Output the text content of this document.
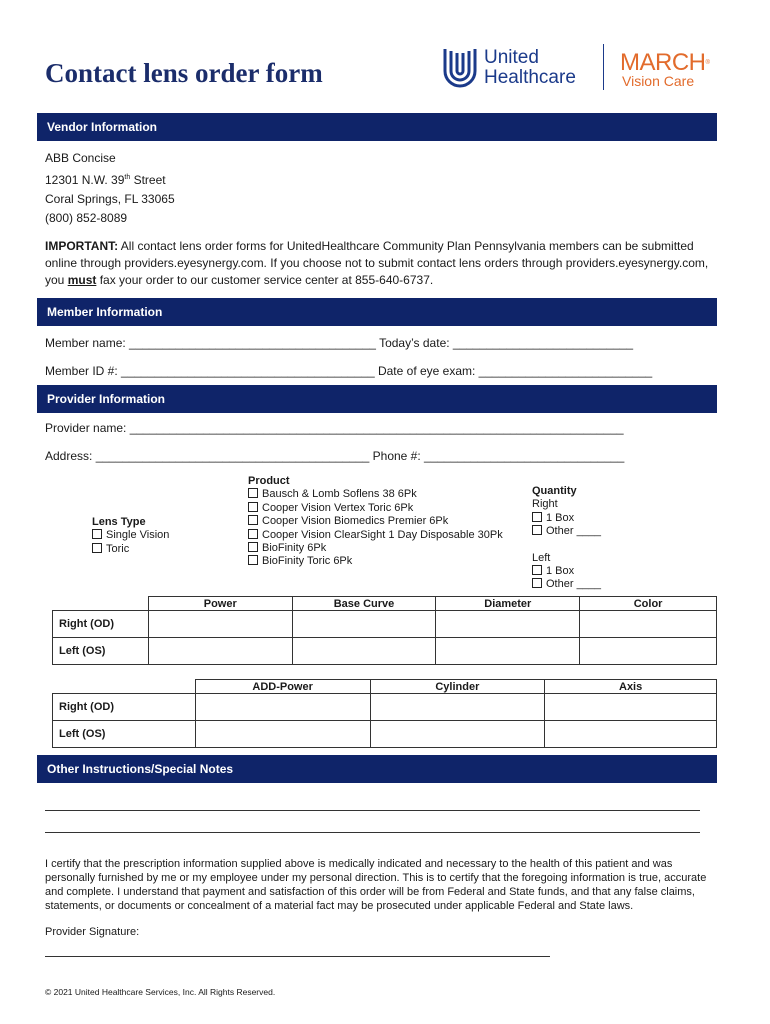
Contact lens order form
United
Healthcare
MARCH®
Vision Care
Vendor Information
ABB Concise
12301 N.W. 39th Street
Coral Springs, FL 33065
(800) 852-8089
IMPORTANT: All contact lens order forms for UnitedHealthcare Community Plan Pennsylvania members can be submitted online through providers.eyesynergy.com. If you choose not to submit contact lens orders through providers.eyesynergy.com, you must fax your order to our customer service center at 855-640-6737.
Member Information
Member name: _____________________________________ Today’s date: ___________________________
Member ID #: ______________________________________ Date of eye exam: __________________________
Provider Information
Provider name: __________________________________________________________________________
Address: _________________________________________ Phone #: ______________________________
Lens Type
Single Vision
Toric
Product
Bausch & Lomb Soflens 38 6Pk
Cooper Vision Vertex Toric 6Pk
Cooper Vision Biomedics Premier 6Pk
Cooper Vision ClearSight 1 Day Disposable 30Pk
BioFinity 6Pk
BioFinity Toric 6Pk
Quantity
Right
1 Box
Other ____
Left
1 Box
Other ____
	Power	Base Curve	Diameter	Color
Right (OD)				
Left (OS)				
	ADD-Power	Cylinder	Axis
Right (OD)			
Left (OS)			
Other Instructions/Special Notes
I certify that the prescription information supplied above is medically indicated and necessary to the health of this patient and was personally furnished by me or my employee under my personal direction. This is to certify that the foregoing information is true, accurate and complete. I understand that payment and satisfaction of this order will be from Federal and State funds, and that any false claims, statements, or documents or concealment of a material fact may be prosecuted under applicable Federal and State laws.
Provider Signature:
© 2021 United Healthcare Services, Inc. All Rights Reserved.
